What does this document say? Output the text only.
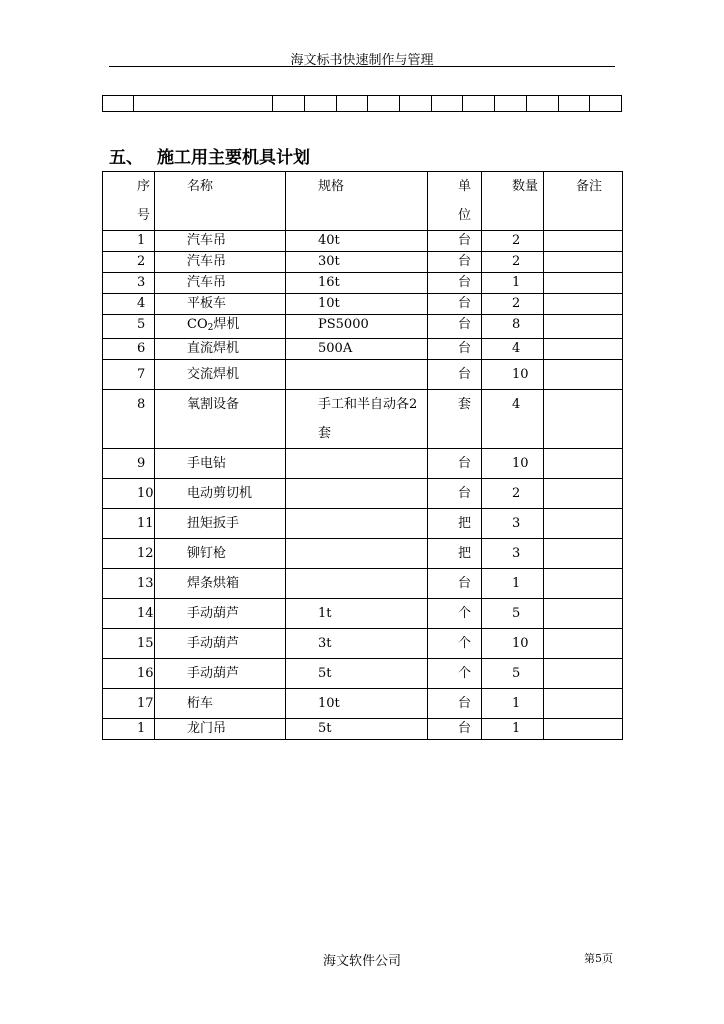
海文标书快速制作与管理

五、 施工用主要机具计划
序号	名称	规格	单位	数量	备注

1	汽车吊	40t	台	2	

2	汽车吊	30t	台	2	

3	汽车吊	16t	台	1	

4	平板车	10t	台	2	

5	$CO_2$焊机	PS5000	台	8	

6	直流焊机	500A	台	4	

7	交流焊机		台	10	

8	氧割设备	手工和半自动各2套	套	4	

9	手电钻		台	10	

10	电动剪切机		台	2	

11	扭矩扳手		把	3	

12	铆钉枪		把	3	

13	焊条烘箱		台	1	

14	手动葫芦	1t	个	5	

15	手动葫芦	3t	个	10	

16	手动葫芦	5t	个	5	

17	桁车	10t	台	1	

1	龙门吊	5t	台	1	

海文软件公司	第5页
